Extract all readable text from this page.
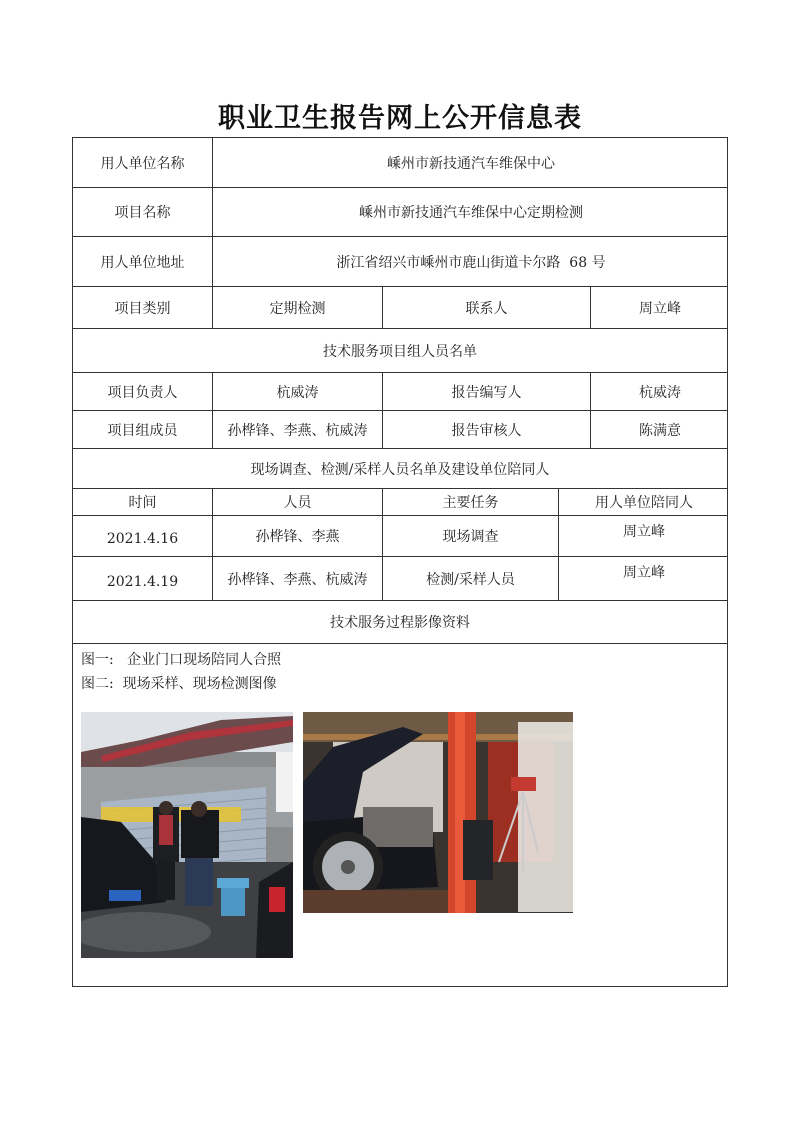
职业卫生报告网上公开信息表
用人单位名称	嵊州市新技通汽车维保中心
项目名称	嵊州市新技通汽车维保中心定期检测
用人单位地址	浙江省绍兴市嵊州市鹿山街道卡尔路  68 号
项目类别	定期检测	联系人	周立峰
技术服务项目组人员名单
项目负责人	杭威涛	报告编写人	杭威涛
项目组成员	孙桦锋、李燕、杭威涛	报告审核人	陈满意
现场调查、检测/采样人员名单及建设单位陪同人
时间	人员	主要任务	用人单位陪同人
2021.4.16	孙桦锋、李燕	现场调查	周立峰
2021.4.19	孙桦锋、李燕、杭威涛	检测/采样人员	周立峰
技术服务过程影像资料
图一:   企业门口现场陪同人合照
图二:  现场采样、现场检测图像
